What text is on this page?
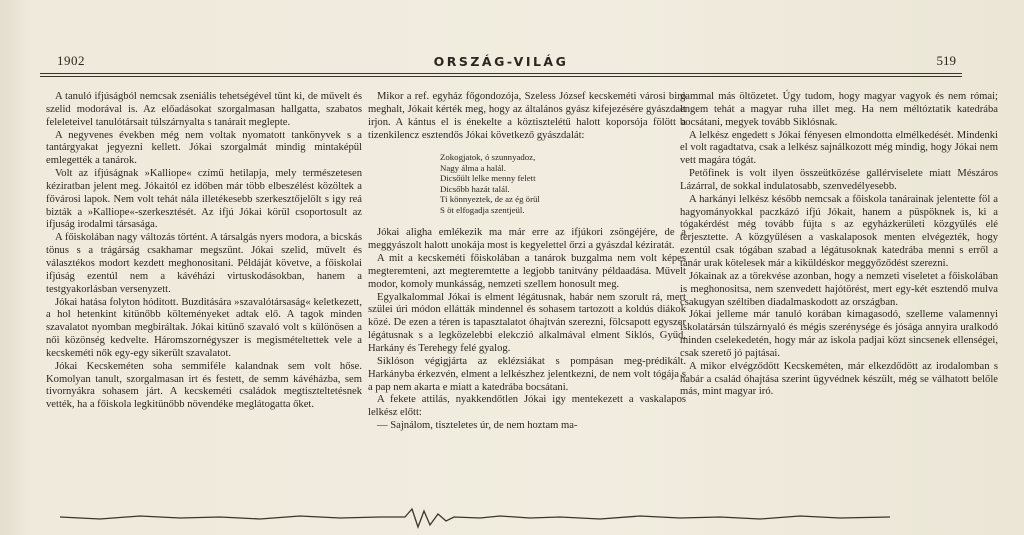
1902	ORSZÁG-VILÁG	519

A tanuló ifjúságból nemcsak zseniális tehetségével tünt ki, de művelt és szelid modorával is. Az előadásokat szorgalmasan hallgatta, szabatos feleleteivel tanulótársait túlszárnyalta s tanárait meglepte.

A negyvenes években még nem voltak nyomatott tankönyvek s a tantárgyakat jegyezni kellett. Jókai szorgalmát mindig mintaképül emlegették a tanárok.

Volt az ifjúságnak »Kalliope« czímű hetilapja, mely természetesen kéziratban jelent meg. Jókaitól ez időben már több elbeszélést közöltek a fővárosi lapok. Nem volt tehát nála illetékesebb szerkesztőjelölt s igy reá bizták a »Kalliope«-szerkesztését. Az ifjú Jókai körül csoportosult az ifjuság irodalmi társasága.

A főiskolában nagy változás történt. A társalgás nyers modora, a bicskás tönus s a trágárság csakhamar megszünt. Jókai szelid, művelt és választékos modort kezdett meghonositani. Példáját követve, a főiskolai ifjúság ezentúl nem a kávéházi virtuskodásokban, hanem a testgyakorlásban versenyzett.

Jókai hatása folyton hóditott. Buzditására »szavalótársaság« keletkezett, a hol hetenkint kitünőbb költeményeket adtak elő. A tagok minden szavalatot nyomban megbiráltak. Jókai kitünő szavaló volt s különösen a női közönség kedvelte. Háromszornégyszer is megismételtettek vele a kecskeméti nők egy-egy sikerült szavalatot.

Jókai Kecskeméten soha semmiféle kalandnak sem volt hőse. Komolyan tanult, szorgalmasan irt és festett, de semm kávéházba, sem tivornyákra sohasem járt. A kecskeméti családok megtiszteltetésnek vették, ha a főiskola legkitünőbb növendéke meglátogatta őket.

Mikor a ref. egyház főgondozója, Szeless József kecskeméti városi biró meghalt, Jókait kérték meg, hogy az általános gyász kifejezésére gyászdalt irjon. A kántus el is énekelte a köztisztelétű halott koporsója fölött a tizenkilencz esztendős Jókai következő gyászdalát:

Zokogjatok, ó szunnyadoz,
Nagy álma a halál.
Dicsőült lelke menny felett
Dicsőbb hazát talál.
Ti könnyeztek, de az ég örül
S öt elfogadja szentjeül.

Jókai aligha emlékezik ma már erre az ifjúkori zsöngéjére, de a meggyászolt halott unokája most is kegyelettel őrzi a gyászdal kéziratát.

A mit a kecskeméti főiskolában a tanárok buzgalma nem volt képes megteremteni, azt megteremtette a legjobb tanitvány példaadása. Művelt modor, komoly munkásság, nemzeti szellem honosult meg.

Egyalkalommal Jókai is elment légátusnak, habár nem szorult rá, mert szülei úri módon ellátták mindennel és sohasem tartozott a koldús diákok közé. De ezen a téren is tapasztalatot óhajtván szerezni, fölcsapott egyszer légátusnak s a legközelebbi elekczió alkalmával elment Siklós, Gyűd, Harkány és Terehegy felé gyalog.

Siklóson végigjárta az eklézsiákat s pompásan meg-prédikált. Harkányba érkezvén, elment a lelkészhez jelentkezni, de nem volt tógája s a pap nem akarta e miatt a katedrába bocsátani.

A fekete attilás, nyakkendőtlen Jókai igy mentekezett a vaskalapos lelkész előtt:

— Sajnálom, tiszteletes úr, de nem hoztam ma-

gammal más öltözetet. Úgy tudom, hogy magyar vagyok és nem római; engem tehát a magyar ruha illet meg. Ha nem méltóztatik katedrába bocsátani, megyek tovább Siklósnak.

A lelkész engedett s Jókai fényesen elmondotta elmélkedését. Mindenki el volt ragadtatva, csak a lelkész sajnálkozott még mindig, hogy Jókai nem vett magára tógát.

Petőfinek is volt ilyen összeütközése gallérviselete miatt Mészáros Lázárral, de sokkal indulatosabb, szenvedélyesebb.

A harkányi lelkész később nemcsak a főiskola tanárainak jelentette föl a hagyományokkal paczkázó ifjú Jókait, hanem a püspöknek is, ki a tógakérdést még tovább fújta s az egyházkerületi közgyűlés elé terjesztette. A közgyűlésen a vaskalaposok menten elvégezték, hogy ezentúl csak tógában szabad a légátusoknak katedrába menni s erről a tanár urak kötelesek már a kiküldéskor meggyőződést szerezni.

Jókainak az a törekvése azonban, hogy a nemzeti viseletet a főiskolában is meghonositsa, nem szenvedett hajótörést, mert egy-két esztendő mulva csakugyan széltiben diadalmaskodott az országban.

Jókai jelleme már tanuló korában kimagasodó, szelleme valamennyi iskolatársán túlszárnyaló és mégis szerénysége és jósága annyira uralkodó minden cselekedetén, hogy már az iskola padjai közt sincsenek ellenségei, csak szerető jó pajtásai.

A mikor elvégződött Kecskeméten, már elkezdődött az irodalomban s habár a család óhajtása szerint ügyvédnek készült, még se válhatott belőle más, mint magyar iró.
